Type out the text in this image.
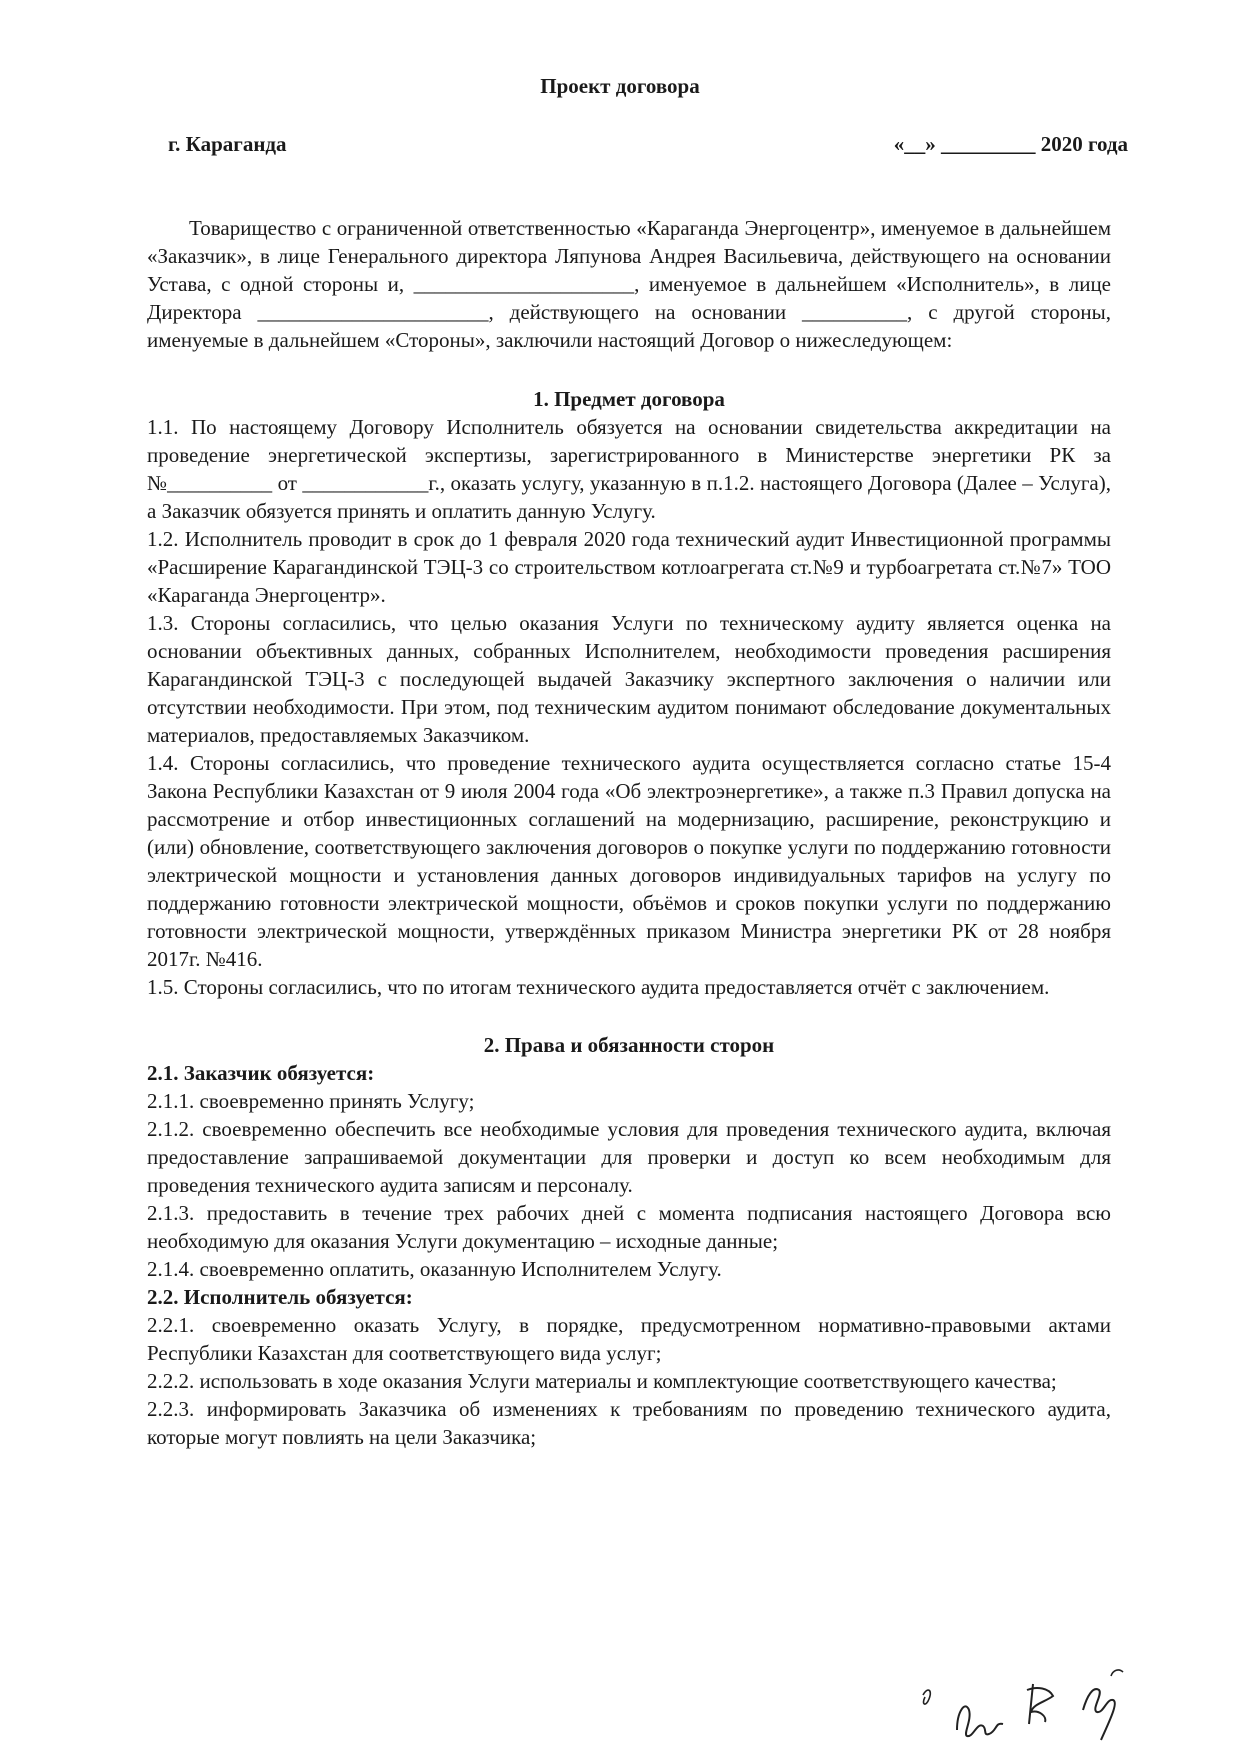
Проект договора
г. Караганда	«__» _________ 2020 года

Товарищество с ограниченной ответственностью «Караганда Энергоцентр», именуемое в дальнейшем «Заказчик», в лице Генерального директора Ляпунова Андрея Васильевича, действующего на основании Устава, с одной стороны и, _____________________, именуемое в дальнейшем «Исполнитель», в лице Директора ______________________, действующего на основании __________, с другой стороны, именуемые в дальнейшем «Стороны», заключили настоящий Договор о нижеследующем:

1. Предмет договора

1.1. По настоящему Договору Исполнитель обязуется на основании свидетельства аккредитации на проведение энергетической экспертизы, зарегистрированного в Министерстве энергетики РК за №__________ от ____________г., оказать услугу, указанную в п.1.2. настоящего Договора (Далее – Услуга), а Заказчик обязуется принять и оплатить данную Услугу.

1.2. Исполнитель проводит в срок до 1 февраля 2020 года технический аудит Инвестиционной программы «Расширение Карагандинской ТЭЦ-3 со строительством котлоагрегата ст.№9 и турбоагретата ст.№7» ТОО «Караганда Энергоцентр».

1.3. Стороны согласились, что целью оказания Услуги по техническому аудиту является оценка на основании объективных данных, собранных Исполнителем, необходимости проведения расширения Карагандинской ТЭЦ-3 с последующей выдачей Заказчику экспертного заключения о наличии или отсутствии необходимости. При этом, под техническим аудитом понимают обследование документальных материалов, предоставляемых Заказчиком.

1.4. Стороны согласились, что проведение технического аудита осуществляется согласно статье 15-4 Закона Республики Казахстан от 9 июля 2004 года «Об электроэнергетике», а также п.3 Правил допуска на рассмотрение и отбор инвестиционных соглашений на модернизацию, расширение, реконструкцию и (или) обновление, соответствующего заключения договоров о покупке услуги по поддержанию готовности электрической мощности и установления данных договоров индивидуальных тарифов на услугу по поддержанию готовности электрической мощности, объёмов и сроков покупки услуги по поддержанию готовности электрической мощности, утверждённых приказом Министра энергетики РК от 28 ноября 2017г. №416.

1.5. Стороны согласились, что по итогам технического аудита предоставляется отчёт с заключением.

2. Права и обязанности сторон

2.1. Заказчик обязуется:

2.1.1. своевременно принять Услугу;

2.1.2. своевременно обеспечить все необходимые условия для проведения технического аудита, включая предоставление запрашиваемой документации для проверки и доступ ко всем необходимым для проведения технического аудита записям и персоналу.

2.1.3. предоставить в течение трех рабочих дней с момента подписания настоящего Договора всю необходимую для оказания Услуги документацию – исходные данные;

2.1.4. своевременно оплатить, оказанную Исполнителем Услугу.

2.2. Исполнитель обязуется:

2.2.1. своевременно оказать Услугу, в порядке, предусмотренном нормативно-правовыми актами Республики Казахстан для соответствующего вида услуг;

2.2.2. использовать в ходе оказания Услуги материалы и комплектующие соответствующего качества;

2.2.3. информировать Заказчика об изменениях к требованиям по проведению технического аудита, которые могут повлиять на цели Заказчика;
